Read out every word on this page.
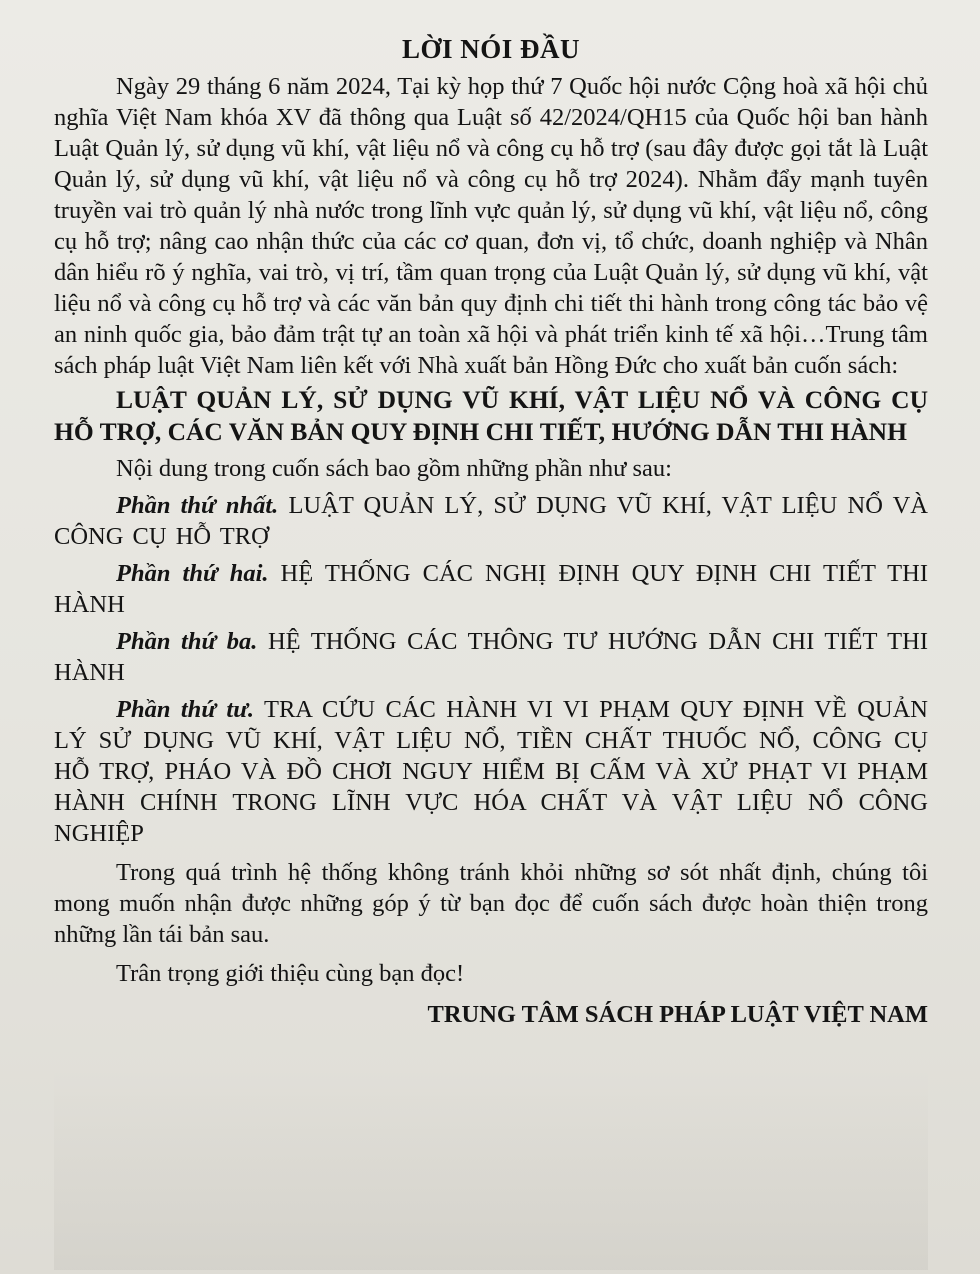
LỜI NÓI ĐẦU

Ngày 29 tháng 6 năm 2024, Tại kỳ họp thứ 7 Quốc hội nước Cộng hoà xã hội chủ nghĩa Việt Nam khóa XV đã thông qua Luật số 42/2024/QH15 của Quốc hội ban hành Luật Quản lý, sử dụng vũ khí, vật liệu nổ và công cụ hỗ trợ (sau đây được gọi tắt là Luật Quản lý, sử dụng vũ khí, vật liệu nổ và công cụ hỗ trợ 2024). Nhằm đẩy mạnh tuyên truyền vai trò quản lý nhà nước trong lĩnh vực quản lý, sử dụng vũ khí, vật liệu nổ, công cụ hỗ trợ; nâng cao nhận thức của các cơ quan, đơn vị, tổ chức, doanh nghiệp và Nhân dân hiểu rõ ý nghĩa, vai trò, vị trí, tầm quan trọng của Luật Quản lý, sử dụng vũ khí, vật liệu nổ và công cụ hỗ trợ và các văn bản quy định chi tiết thi hành trong công tác bảo vệ an ninh quốc gia, bảo đảm trật tự an toàn xã hội và phát triển kinh tế xã hội…Trung tâm sách pháp luật Việt Nam liên kết với Nhà xuất bản Hồng Đức cho xuất bản cuốn sách:

LUẬT QUẢN LÝ, SỬ DỤNG VŨ KHÍ, VẬT LIỆU NỔ VÀ CÔNG CỤ HỖ TRỢ, CÁC VĂN BẢN QUY ĐỊNH CHI TIẾT, HƯỚNG DẪN THI HÀNH

Nội dung trong cuốn sách bao gồm những phần như sau:

Phần thứ nhất. LUẬT QUẢN LÝ, SỬ DỤNG VŨ KHÍ, VẬT LIỆU NỔ VÀ CÔNG CỤ HỖ TRỢ

Phần thứ hai. HỆ THỐNG CÁC NGHỊ ĐỊNH QUY ĐỊNH CHI TIẾT THI HÀNH

Phần thứ ba. HỆ THỐNG CÁC THÔNG TƯ HƯỚNG DẪN CHI TIẾT THI HÀNH

Phần thứ tư. TRA CỨU CÁC HÀNH VI VI PHẠM QUY ĐỊNH VỀ QUẢN LÝ SỬ DỤNG VŨ KHÍ, VẬT LIỆU NỔ, TIỀN CHẤT THUỐC NỔ, CÔNG CỤ HỖ TRỢ, PHÁO VÀ ĐỒ CHƠI NGUY HIỂM BỊ CẤM VÀ XỬ PHẠT VI PHẠM HÀNH CHÍNH TRONG LĨNH VỰC HÓA CHẤT VÀ VẬT LIỆU NỔ CÔNG NGHIỆP

Trong quá trình hệ thống không tránh khỏi những sơ sót nhất định, chúng tôi mong muốn nhận được những góp ý từ bạn đọc để cuốn sách được hoàn thiện trong những lần tái bản sau.

Trân trọng giới thiệu cùng bạn đọc!

TRUNG TÂM SÁCH PHÁP LUẬT VIỆT NAM
